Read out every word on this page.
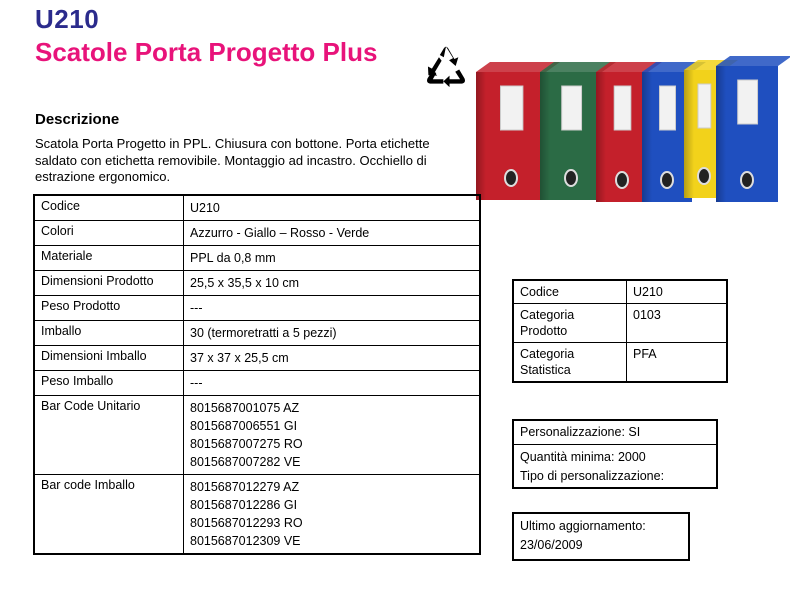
U210
Scatole Porta Progetto Plus
Descrizione

Scatola Porta Progetto in PPL. Chiusura con bottone. Porta etichette saldato con etichetta removibile. Montaggio ad incastro. Occhiello di estrazione ergonomico.

Codice	U210

Colori	Azzurro - Giallo – Rosso - Verde

Materiale	PPL da 0,8 mm

Dimensioni Prodotto	25,5 x 35,5 x 10 cm

Peso Prodotto	---

Imballo	30 (termoretratti a 5 pezzi)

Dimensioni Imballo	37 x 37 x 25,5 cm

Peso Imballo	---

Bar Code Unitario	8015687001075 AZ
8015687006551 GI
8015687007275 RO
8015687007282 VE

Bar code Imballo	8015687012279 AZ
8015687012286 GI
8015687012293 RO
8015687012309 VE
Codice	U210
Categoria Prodotto	0103
Categoria Statistica	PFA
Personalizzazione: SI
Quantità minima: 2000
Tipo di personalizzazione:
Ultimo aggiornamento:
23/06/2009
